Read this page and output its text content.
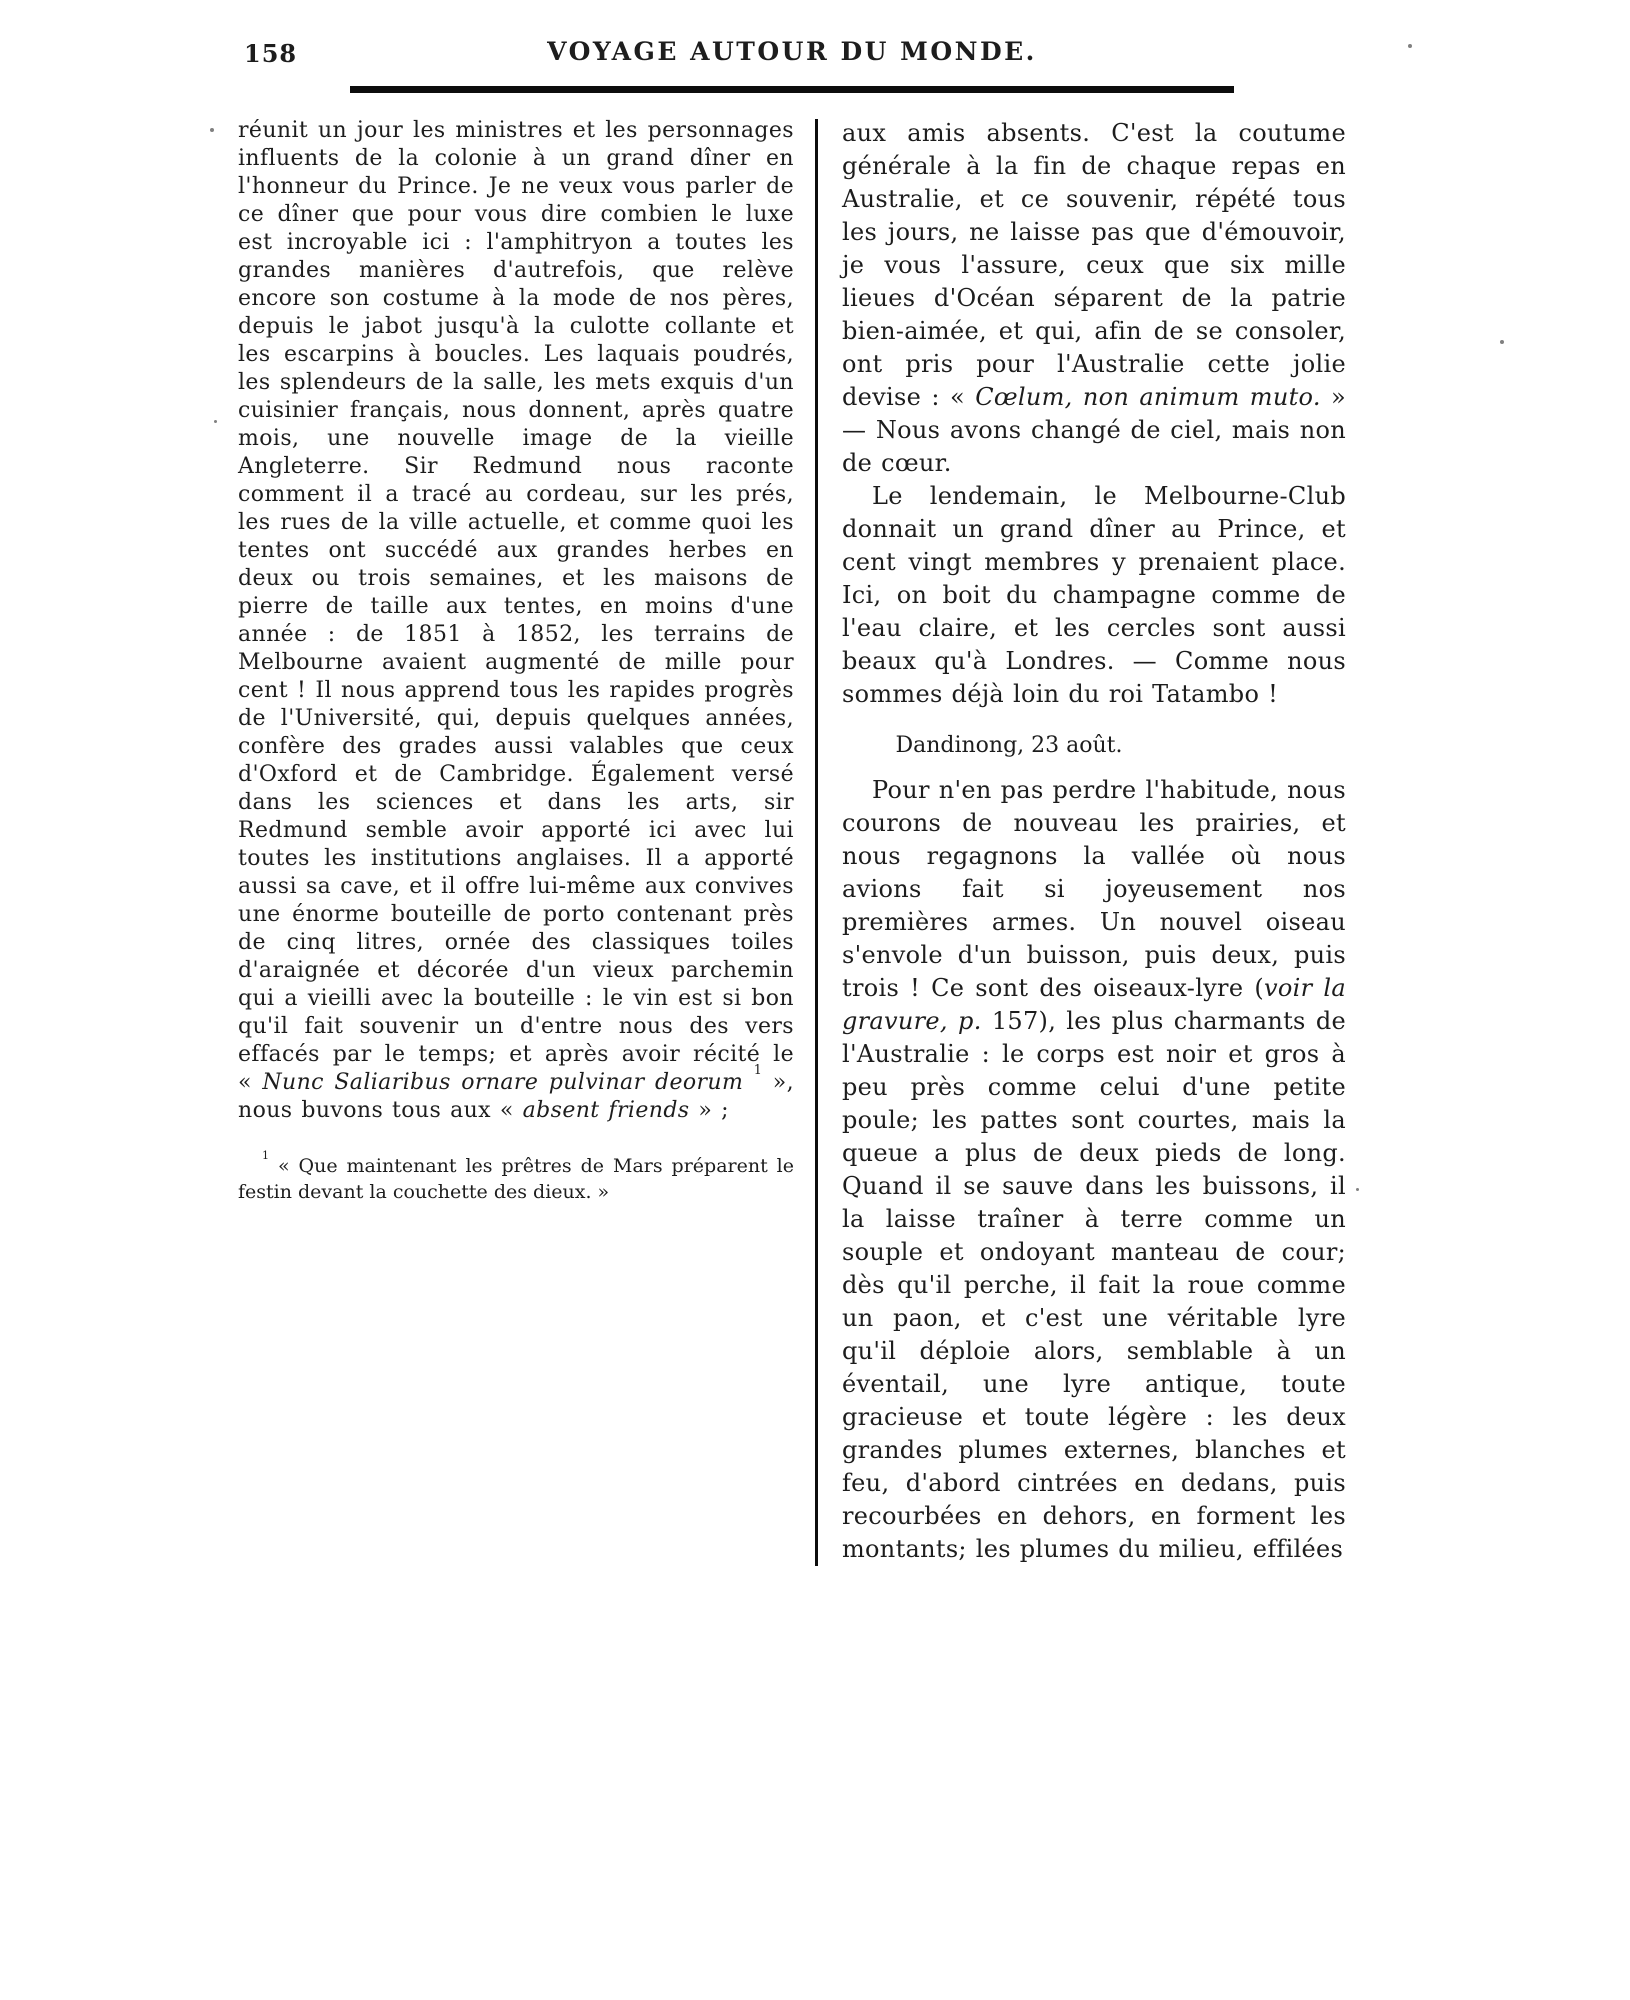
158	VOYAGE AUTOUR DU MONDE.

réunit un jour les ministres et les personnages influents de la colonie à un grand dîner en l'honneur du Prince. Je ne veux vous parler de ce dîner que pour vous dire combien le luxe est incroyable ici : l'amphitryon a toutes les grandes manières d'autrefois, que relève encore son costume à la mode de nos pères, depuis le jabot jusqu'à la culotte collante et les escarpins à boucles. Les laquais poudrés, les splendeurs de la salle, les mets exquis d'un cuisinier français, nous donnent, après quatre mois, une nouvelle image de la vieille Angleterre. Sir Redmund nous raconte comment il a tracé au cordeau, sur les prés, les rues de la ville actuelle, et comme quoi les tentes ont succédé aux grandes herbes en deux ou trois semaines, et les maisons de pierre de taille aux tentes, en moins d'une année : de 1851 à 1852, les terrains de Melbourne avaient augmenté de mille pour cent ! Il nous apprend tous les rapides progrès de l'Université, qui, depuis quelques années, confère des grades aussi valables que ceux d'Oxford et de Cambridge. Également versé dans les sciences et dans les arts, sir Redmund semble avoir apporté ici avec lui toutes les institutions anglaises. Il a apporté aussi sa cave, et il offre lui-même aux convives une énorme bouteille de porto contenant près de cinq litres, ornée des classiques toiles d'araignée et décorée d'un vieux parchemin qui a vieilli avec la bouteille : le vin est si bon qu'il fait souvenir un d'entre nous des vers effacés par le temps; et après avoir récité le « Nunc Saliaribus ornare pulvinar deorum $^1$ », nous buvons tous aux « absent friends » ;

$^1$ « Que maintenant les prêtres de Mars préparent le festin devant la couchette des dieux. »

aux amis absents. C'est la coutume générale à la fin de chaque repas en Australie, et ce souvenir, répété tous les jours, ne laisse pas que d'émouvoir, je vous l'assure, ceux que six mille lieues d'Océan séparent de la patrie bien-aimée, et qui, afin de se consoler, ont pris pour l'Australie cette jolie devise : « Cœlum, non animum muto. » — Nous avons changé de ciel, mais non de cœur.

Le lendemain, le Melbourne-Club donnait un grand dîner au Prince, et cent vingt membres y prenaient place. Ici, on boit du champagne comme de l'eau claire, et les cercles sont aussi beaux qu'à Londres. — Comme nous sommes déjà loin du roi Tatambo !

Dandinong, 23 août.

Pour n'en pas perdre l'habitude, nous courons de nouveau les prairies, et nous regagnons la vallée où nous avions fait si joyeusement nos premières armes. Un nouvel oiseau s'envole d'un buisson, puis deux, puis trois ! Ce sont des oiseaux-lyre (voir la gravure, p. 157), les plus charmants de l'Australie : le corps est noir et gros à peu près comme celui d'une petite poule; les pattes sont courtes, mais la queue a plus de deux pieds de long. Quand il se sauve dans les buissons, il la laisse traîner à terre comme un souple et ondoyant manteau de cour; dès qu'il perche, il fait la roue comme un paon, et c'est une véritable lyre qu'il déploie alors, semblable à un éventail, une lyre antique, toute gracieuse et toute légère : les deux grandes plumes externes, blanches et feu, d'abord cintrées en dedans, puis recourbées en dehors, en forment les montants; les plumes du milieu, effilées
